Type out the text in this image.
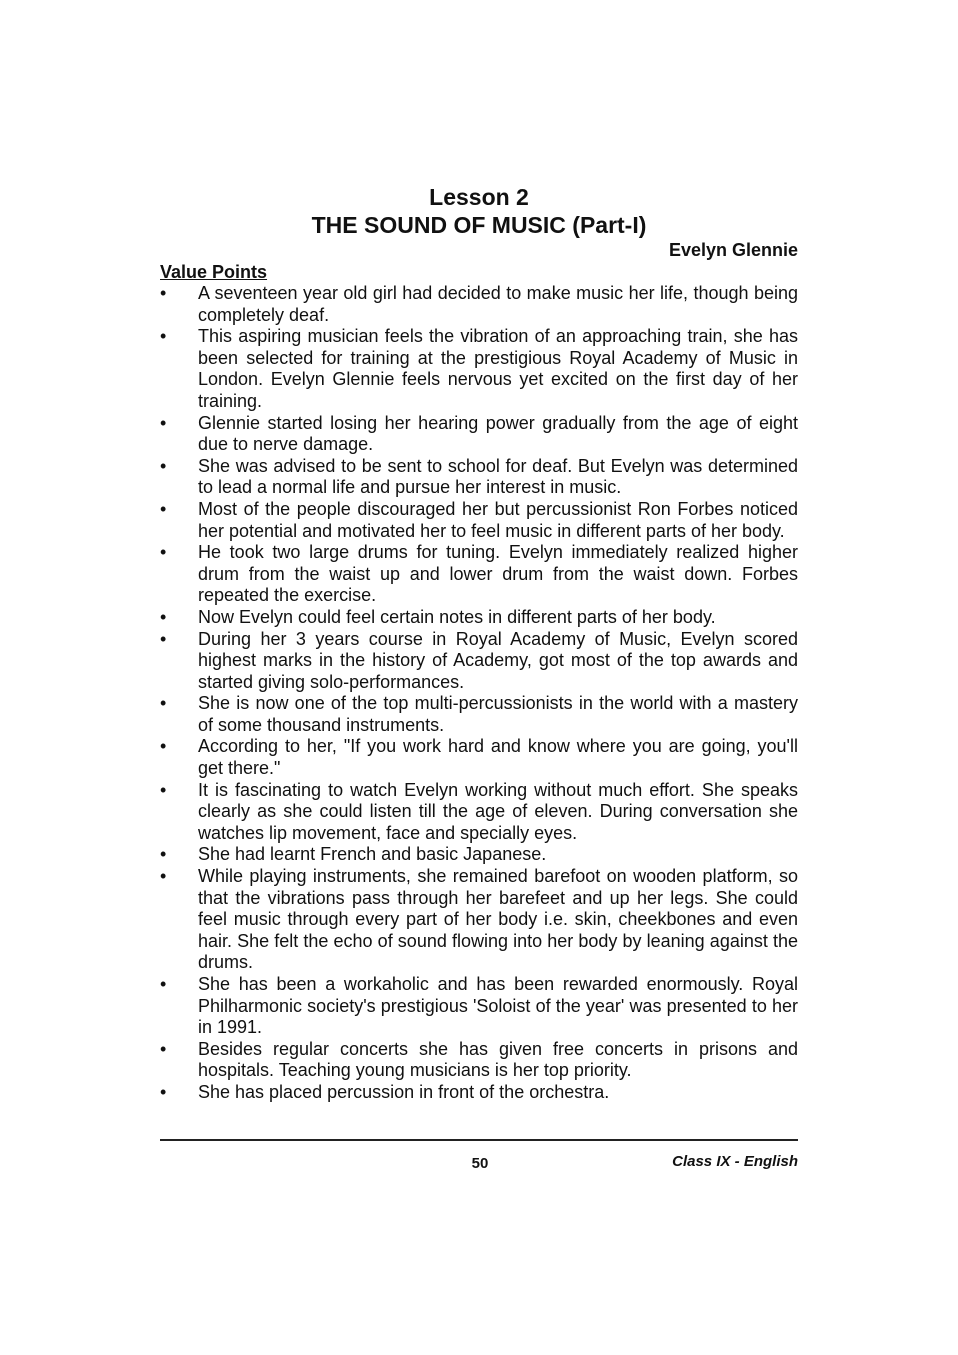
Lesson 2
THE SOUND OF MUSIC (Part-I)

Evelyn Glennie

Value Points

•	A seventeen year old girl had decided to make music her life, though being completely deaf.
•	This aspiring musician feels the vibration of an approaching train, she has been selected for training at the prestigious Royal Academy of Music in London. Evelyn Glennie feels nervous yet excited on the first day of her training.
•	Glennie started losing her hearing power gradually from the age of eight due to nerve damage.
•	She was advised to be sent to school for deaf. But Evelyn was determined to lead a normal life and pursue her interest in music.
•	Most of the people discouraged her but percussionist Ron Forbes noticed her potential and motivated her to feel music in different parts of her body.
•	He took two large drums for tuning. Evelyn immediately realized higher drum from the waist up and lower drum from the waist down. Forbes repeated the exercise.
•	Now Evelyn could feel certain notes in different parts of her body.
•	During her 3 years course in Royal Academy of Music, Evelyn scored highest marks in the history of Academy, got most of the top awards and started giving solo-performances.
•	She is now one of the top multi-percussionists in the world with a mastery of some thousand instruments.
•	According to her, "If you work hard and know where you are going, you'll get there."
•	It is fascinating to watch Evelyn working without much effort. She speaks clearly as she could listen till the age of eleven. During conversation she watches lip movement, face and specially eyes.
•	She had learnt French and basic Japanese.
•	While playing instruments, she remained barefoot on wooden platform, so that the vibrations pass through her barefeet and up her legs. She could feel music through every part of her body i.e. skin, cheekbones and even hair. She felt the echo of sound flowing into her body by leaning against the drums.
•	She has been a workaholic and has been rewarded enormously. Royal Philharmonic society's prestigious 'Soloist of the year' was presented to her in 1991.
•	Besides regular concerts she has given free concerts in prisons and hospitals. Teaching young musicians is her top priority.
•	She has placed percussion in front of the orchestra.
50	Class IX - English
